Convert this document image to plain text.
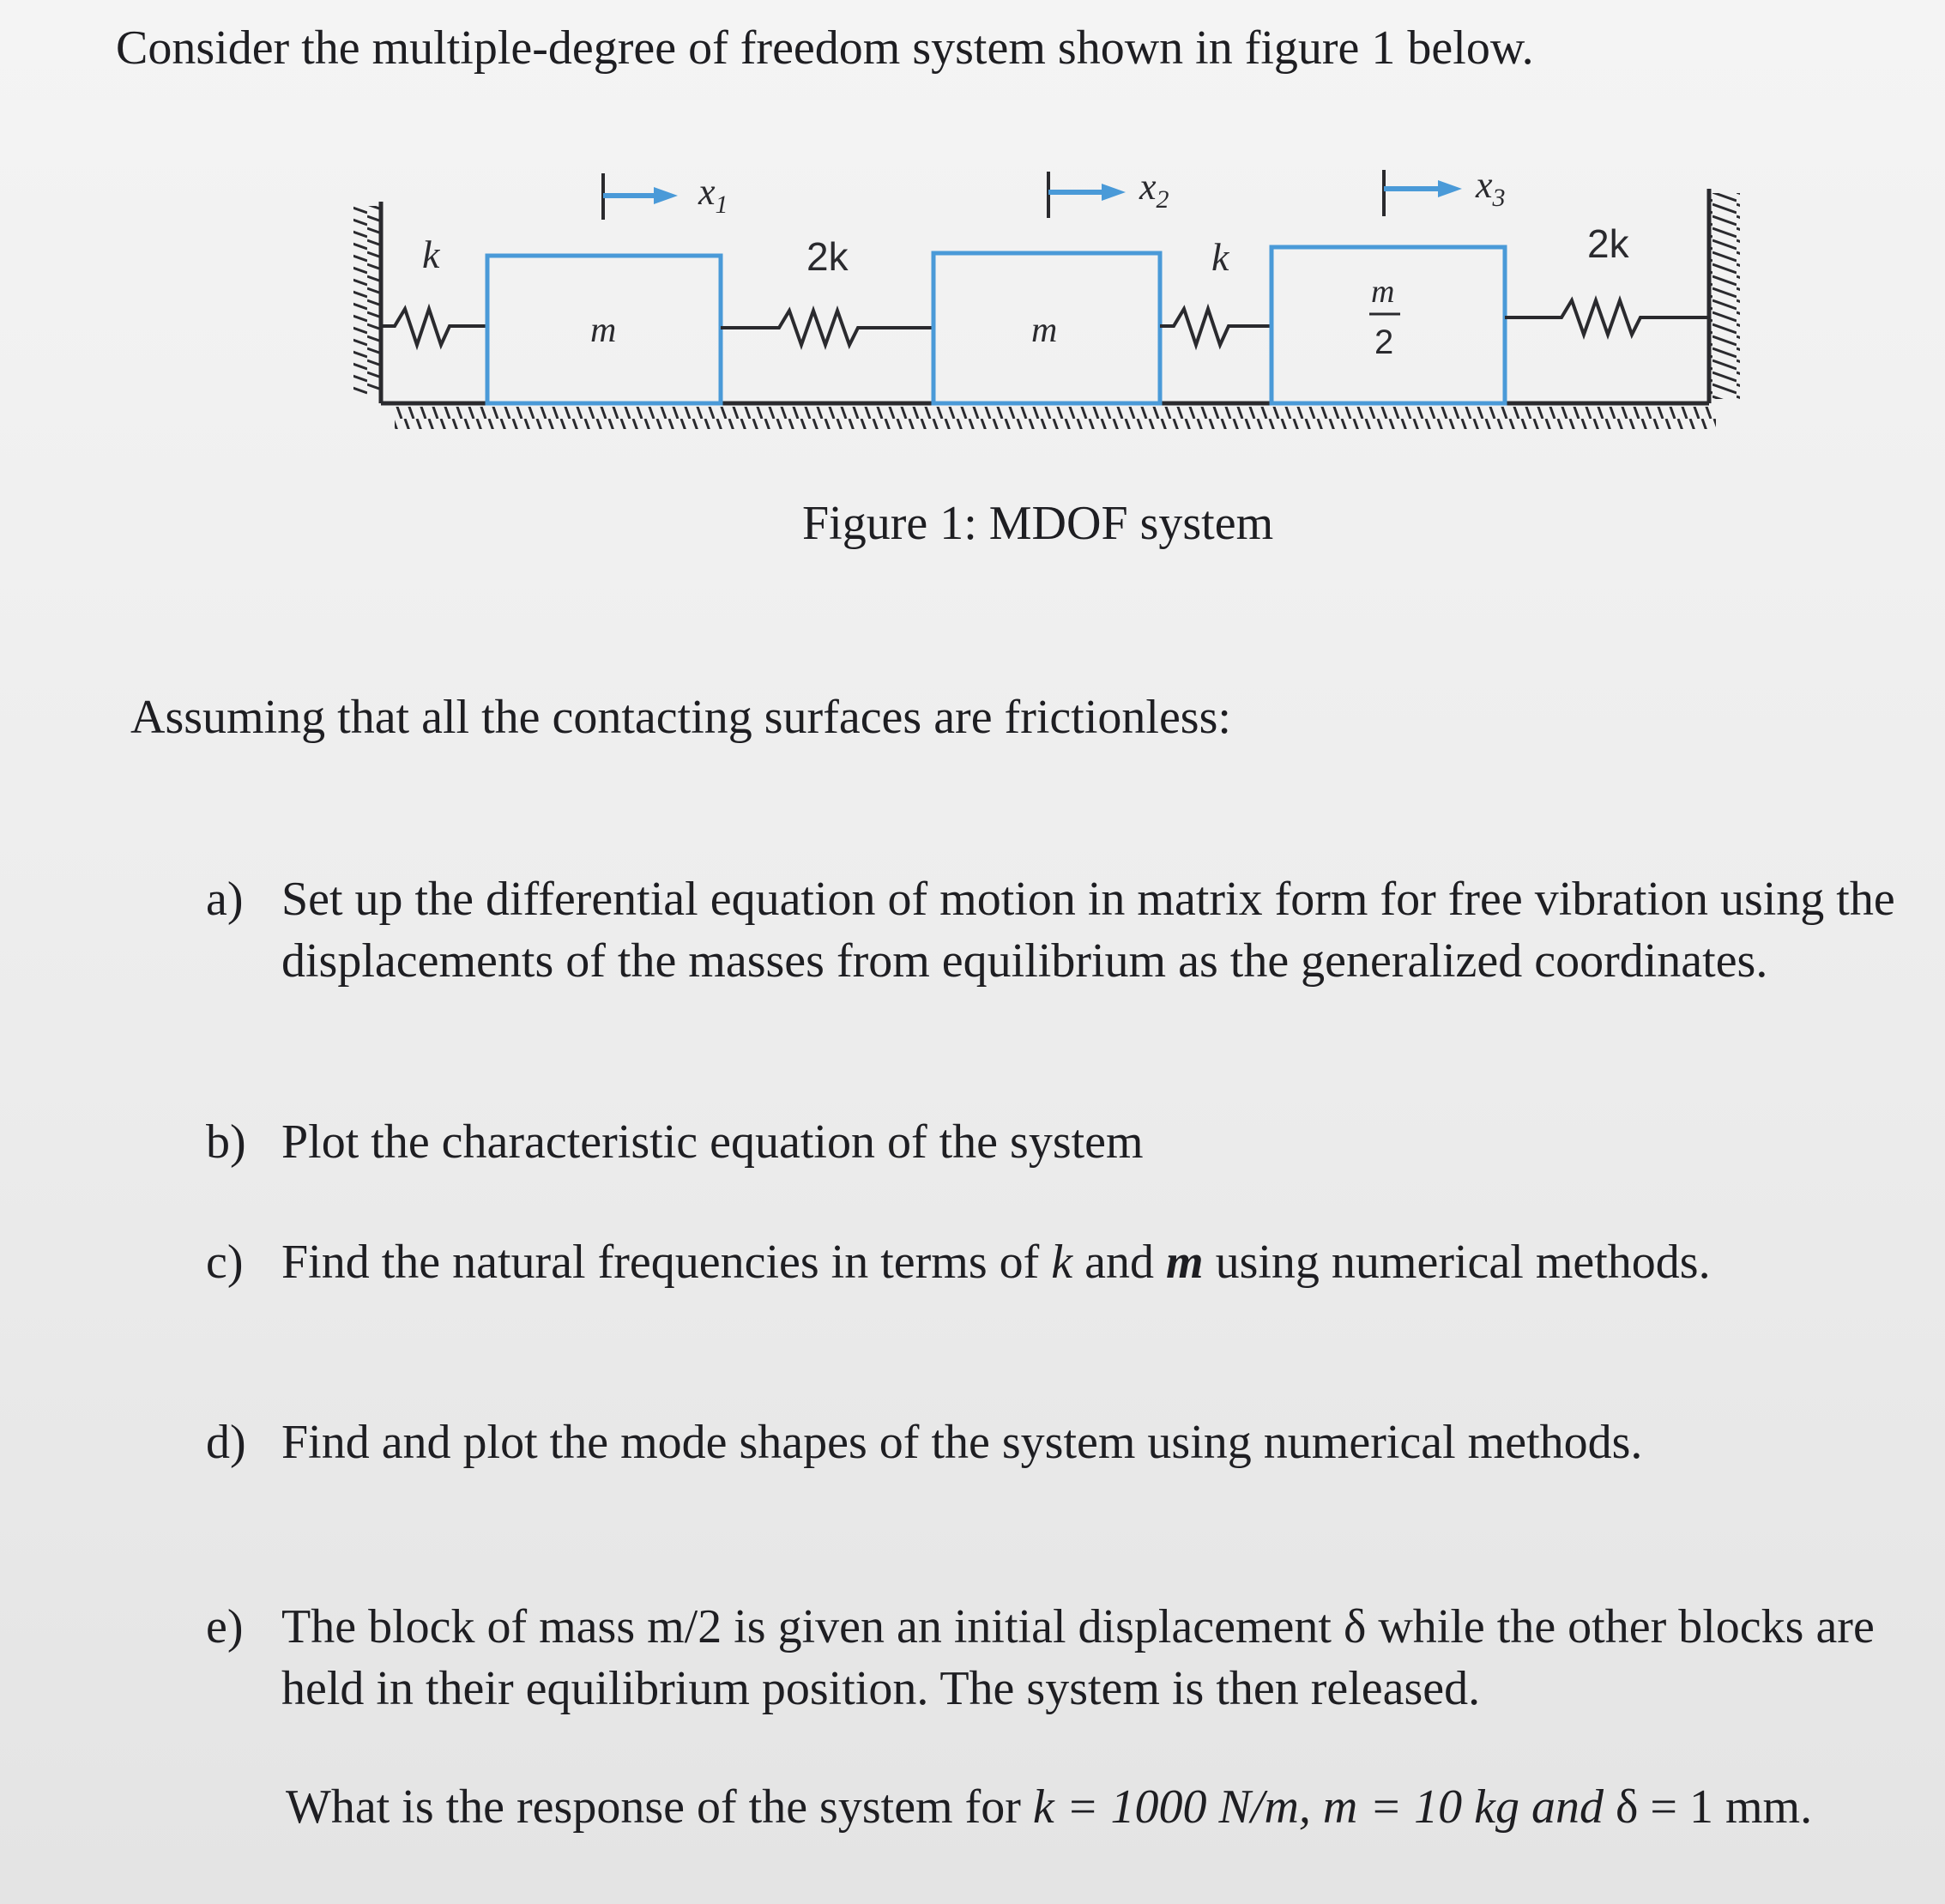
Consider the multiple-degree of freedom system shown in figure 1 below.

k
m
2k
m
k
m
2
2k
$x_1$	$x_2$	$x_3$

Figure 1: MDOF system

Assuming that all the contacting surfaces are frictionless:

a) Set up the differential equation of motion in matrix form for free vibration using the displacements of the masses from equilibrium as the generalized coordinates.
b) Plot the characteristic equation of the system
c) Find the natural frequencies in terms of k and m using numerical methods.
d) Find and plot the mode shapes of the system using numerical methods.
e) The block of mass m/2 is given an initial displacement δ while the other blocks are held in their equilibrium position. The system is then released.

What is the response of the system for k = 1000 N/m, m = 10 kg and δ = 1 mm.
